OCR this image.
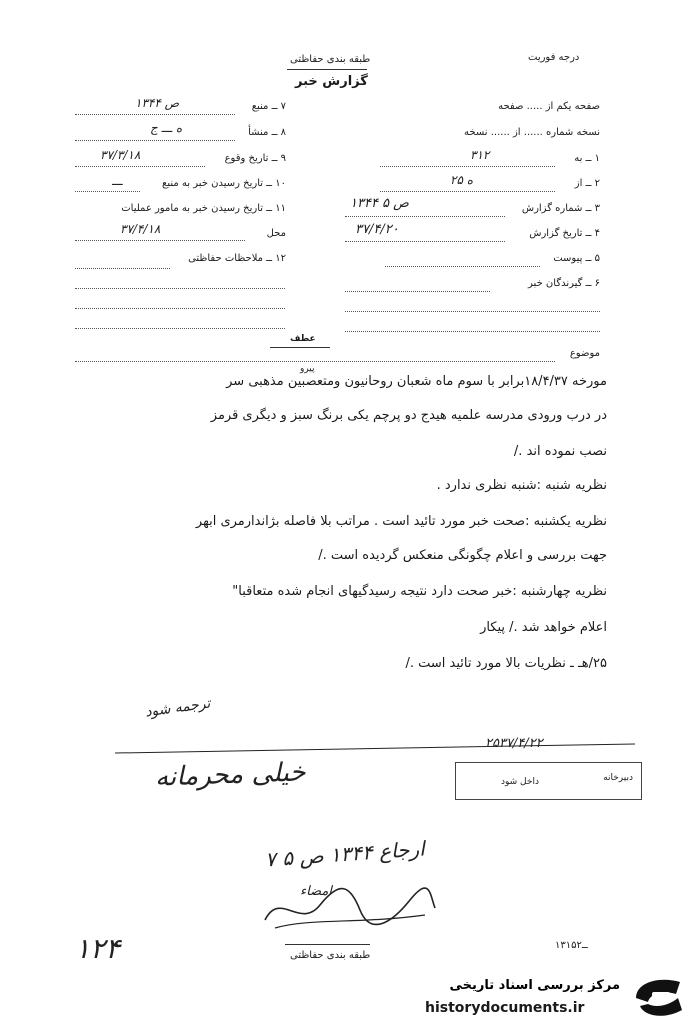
درجه فوریت
طبقه بندی حفاظتی
گزارش خبر
۷ ــ منبع
۱۳۴۴ ص
۸ ــ منشأ
ه ـــ ج
۹ ــ تاریخ وقوع
۳۷/۳/۱۸
۱۰ ــ تاریخ رسیدن خبر به منبع
ـــ
۱۱ ــ تاریخ رسیدن خبر به مامور عملیات
محل
۳۷/۴/۱۸
۱۲ ــ ملاحظات حفاظتی
صفحه یکم از ..... صفحه
نسخه شماره ...... از ...... نسخه
۱ ــ به
۳۱۲
۲ ــ از
۲۵ ه
۳ ــ شماره گزارش
۱۳۴۴ ص ۵
۴ ــ تاریخ گزارش
۳۷/۴/۲۰
۵ ــ پیوست
۶ ــ گیرندگان خبر
عطف
موضوع
پیرو
مورخه ۱۸/۴/۳۷برابر با سوم ماه شعبان روحانیون ومتعصبین مذهبی سر
در درب ورودی مدرسه علمیه هیدج دو پرچم یکی برنگ سبز و دیگری قرمز
نصب نموده اند ./
نظریه شنبه :شنبه نظری ندارد .
نظریه یکشنبه :صحت خبر مورد تائید است . مراتب بلا فاصله بژاندارمری ابهر
جهت بررسی و اعلام چگونگی منعکس گردیده است ./
نظریه چهارشنبه :خبر صحت دارد نتیجه رسیدگیهای انجام شده متعاقبا"
اعلام خواهد شد ./ پیکار
۲۵/هـ ـ نظریات بالا مورد تائید است ./
ترجمه شود
۲۵۳۷/۴/۲۲
دبیرخانه
داخل شود
خیلی محرمانه
ارجاع ۱۳۴۴ ص ۵ ۷
امضاء
۱۲۴	طبقه بندی حفاظتی
۱۳۱ــ۵۲
مرکز بررسی اسناد تاریخی
historydocuments.ir
